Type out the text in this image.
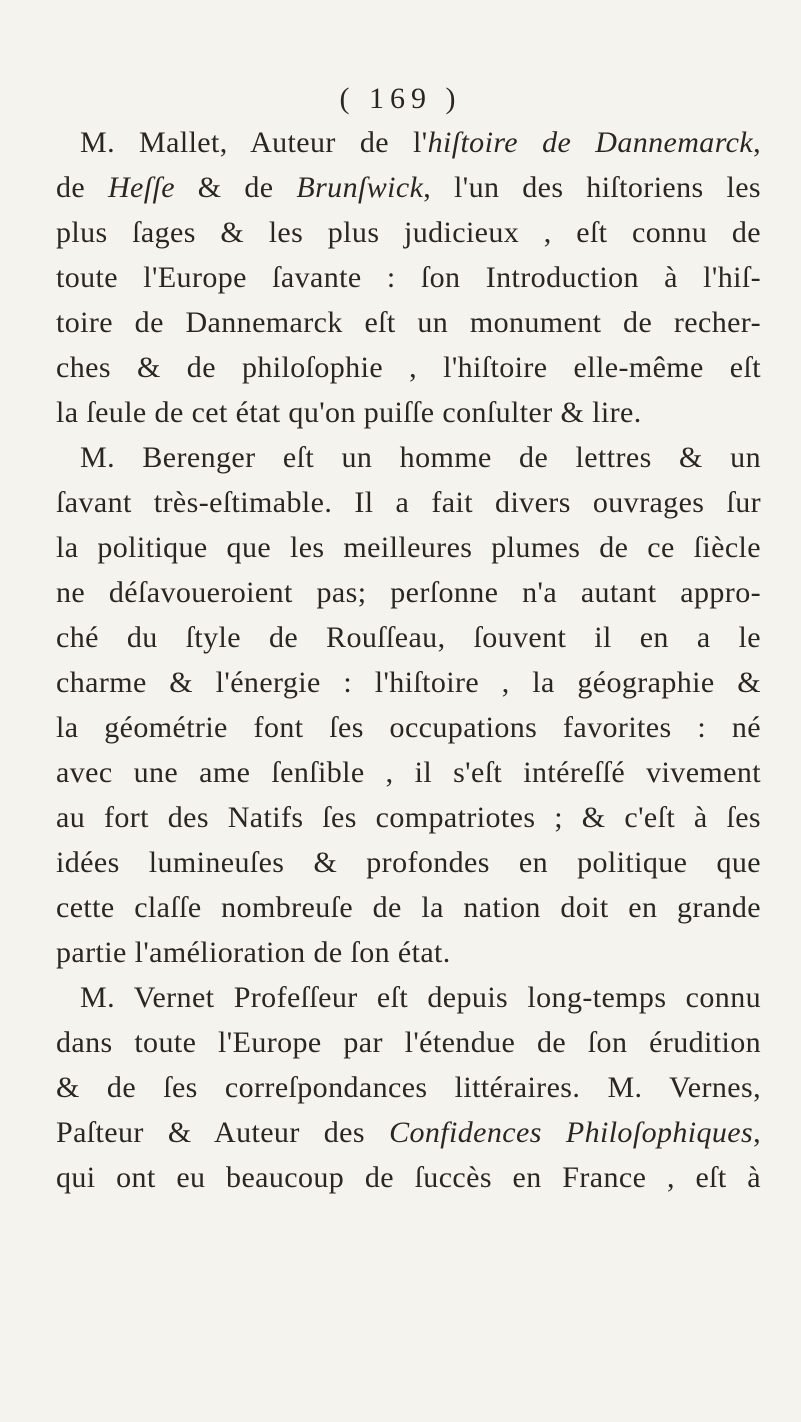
( 169 )
M. Mallet, Auteur de l'hiſtoire de Dannemarck,
de Heſſe & de Brunſwick, l'un des hiſtoriens les
plus ſages & les plus judicieux , eſt connu de
toute l'Europe ſavante : ſon Introduction à l'hiſ-
toire de Dannemarck eſt un monument de recher-
ches & de philoſophie , l'hiſtoire elle-même eſt
la ſeule de cet état qu'on puiſſe conſulter & lire.
M. Berenger eſt un homme de lettres & un
ſavant très-eſtimable. Il a fait divers ouvrages ſur
la politique que les meilleures plumes de ce ſiècle
ne déſavoueroient pas; perſonne n'a autant appro-
ché du ſtyle de Rouſſeau, ſouvent il en a le
charme & l'énergie : l'hiſtoire , la géographie &
la géométrie font ſes occupations favorites : né
avec une ame ſenſible , il s'eſt intéreſſé vivement
au fort des Natifs ſes compatriotes ; & c'eſt à ſes
idées lumineuſes & profondes en politique que
cette claſſe nombreuſe de la nation doit en grande
partie l'amélioration de ſon état.
M. Vernet Profeſſeur eſt depuis long-temps connu
dans toute l'Europe par l'étendue de ſon érudition
& de ſes correſpondances littéraires. M. Vernes,
Paſteur & Auteur des Confidences Philoſophiques,
qui ont eu beaucoup de ſuccès en France , eſt à
